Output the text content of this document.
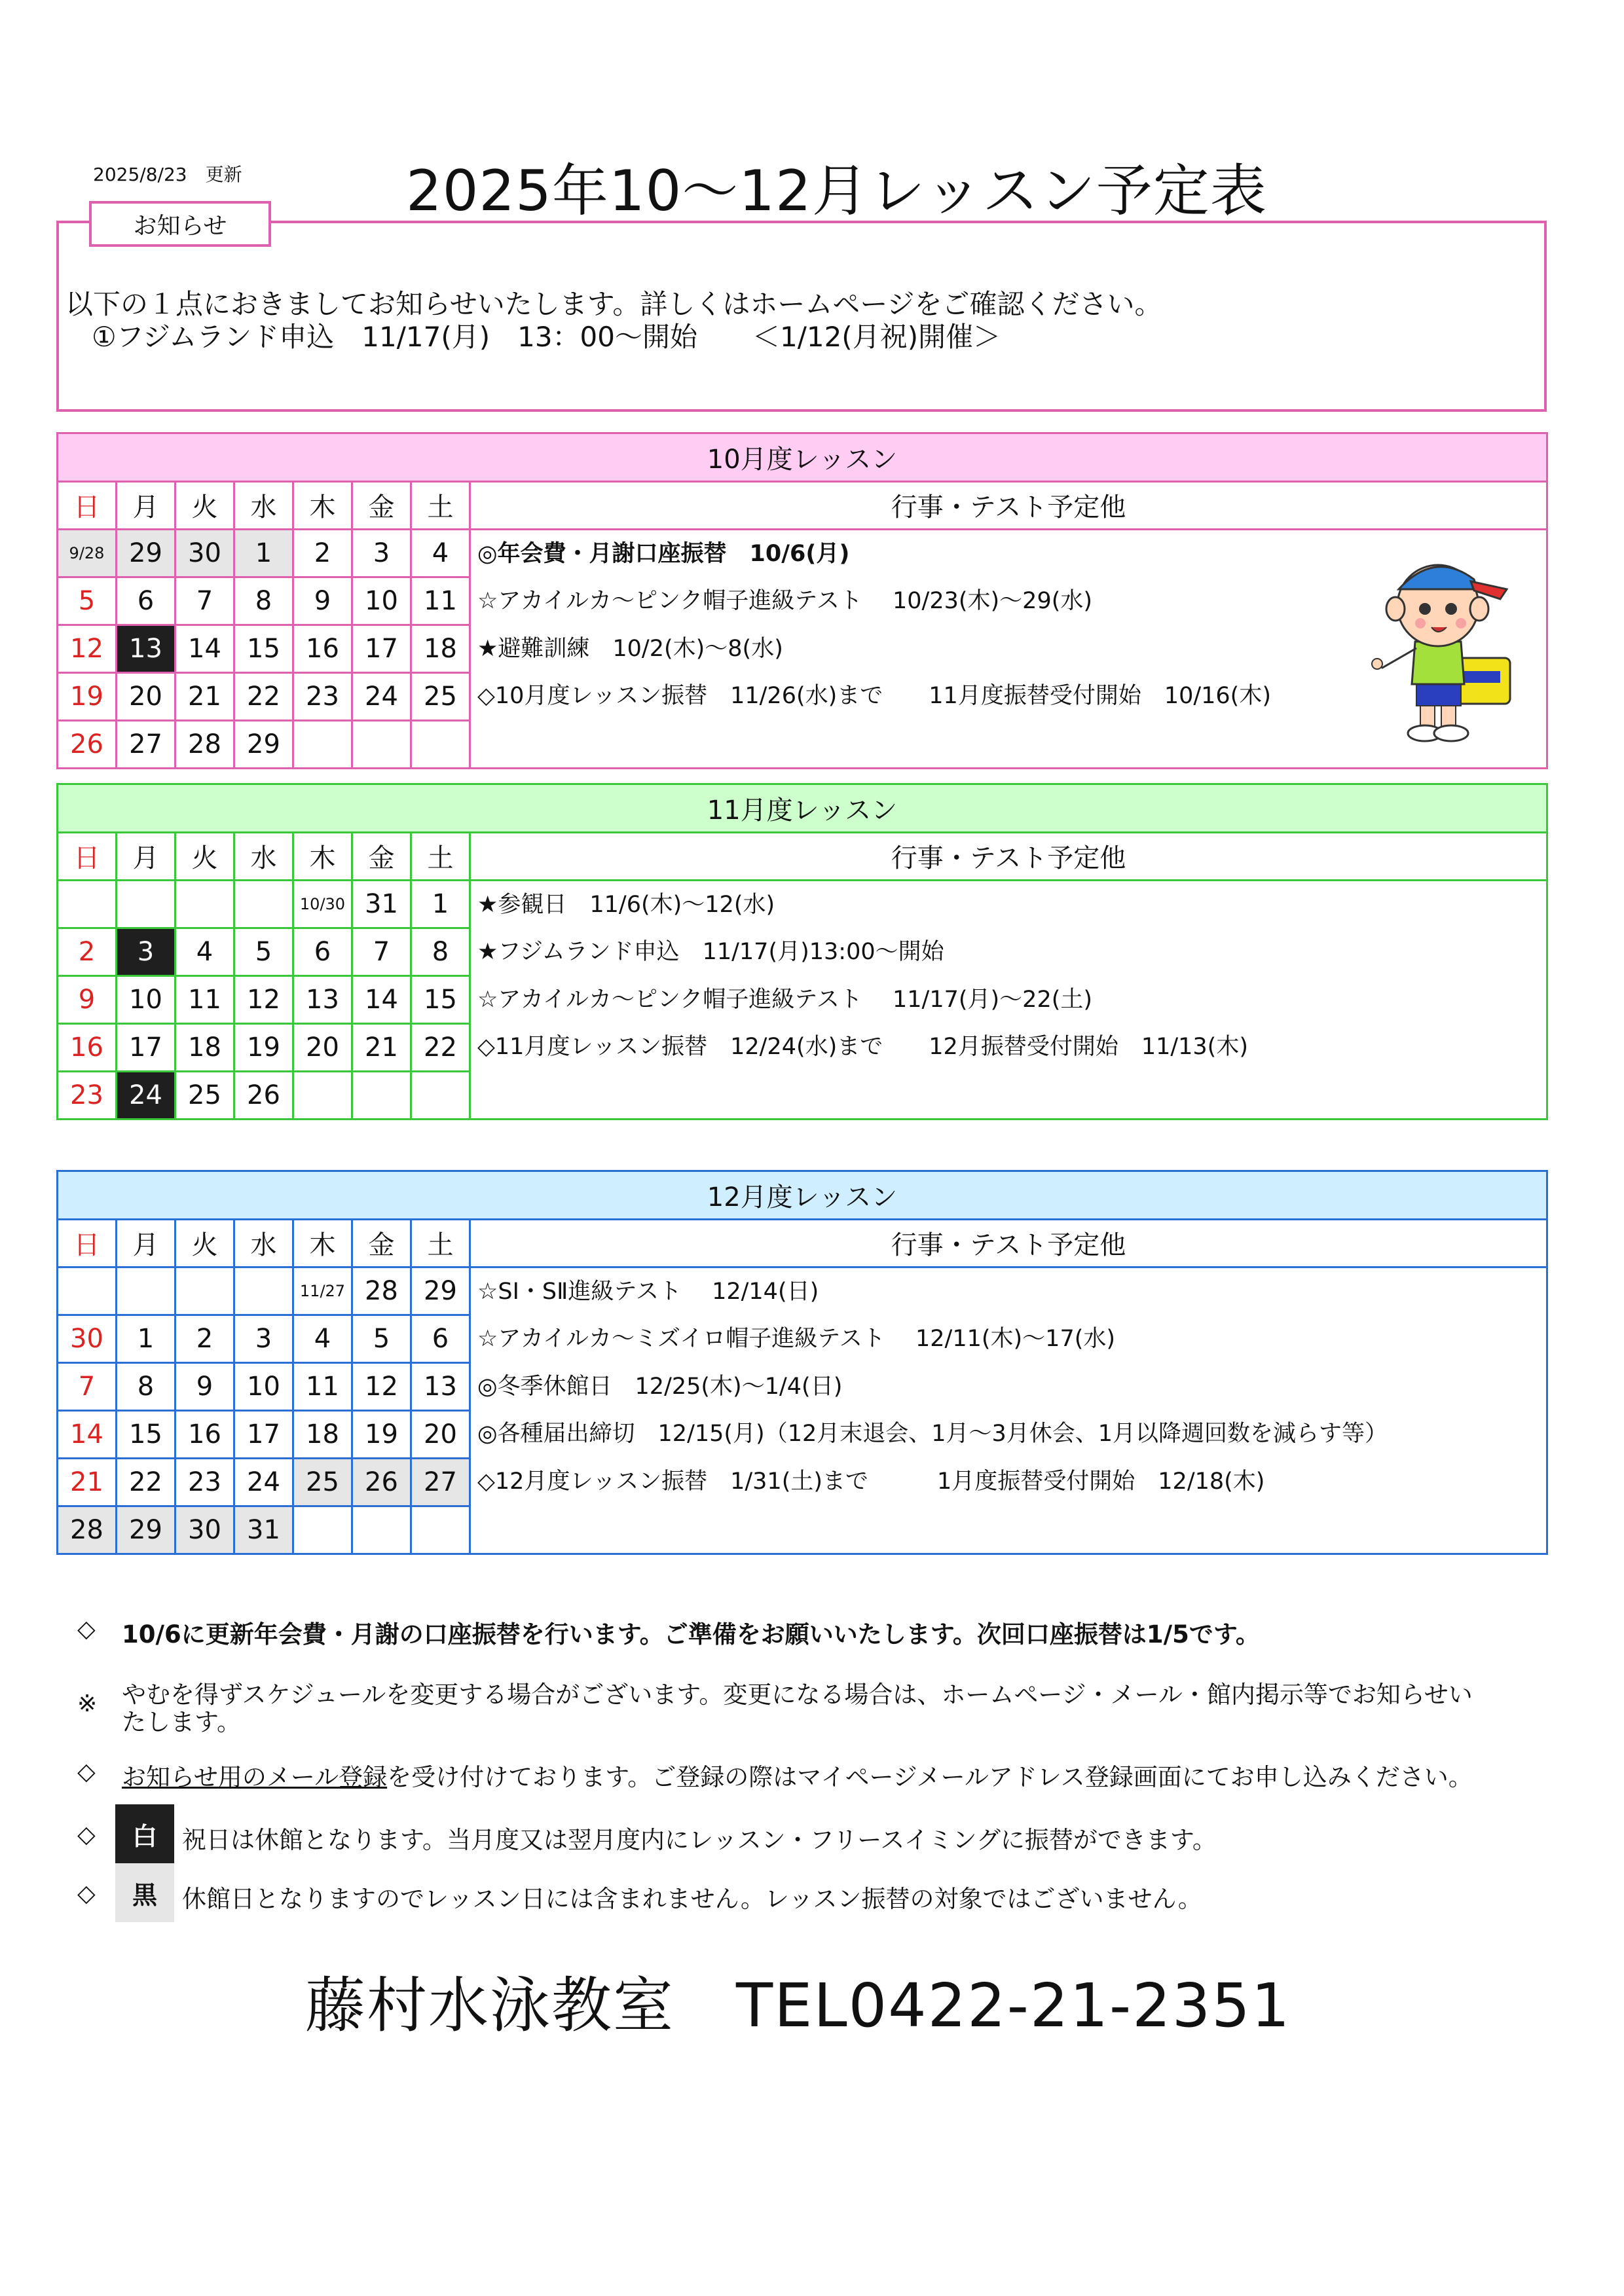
2025/8/23　更新	2025年10〜12月レッスン予定表
お知らせ
以下の１点におきましてお知らせいたします。詳しくはホームページをご確認ください。
①フジムランド申込　11/17(月)　13：00〜開始　　＜1/12(月祝)開催＞
10月度レッスン							
日	月	火	水	木	金	土	行事・テスト予定他
9/28	29	30	1	2	3	4	◎年会費・月謝口座振替　10/6(月)
☆アカイルカ〜ピンク帽子進級テスト　 10/23(木)〜29(水)
★避難訓練　10/2(木)〜8(水)
◇10月度レッスン振替　11/26(水)まで　　11月度振替受付開始　10/16(木)

5	6	7	8	9	10	11	
12	13	14	15	16	17	18	
19	20	21	22	23	24	25	
26	27	28	29				
11月度レッスン							
日	月	火	水	木	金	土	行事・テスト予定他
				10/30	31	1	★参観日　11/6(木)〜12(水)
★フジムランド申込　11/17(月)13:00〜開始
☆アカイルカ〜ピンク帽子進級テスト　 11/17(月)〜22(土)
◇11月度レッスン振替　12/24(水)まで　　12月振替受付開始　11/13(木)

2	3	4	5	6	7	8	
9	10	11	12	13	14	15	
16	17	18	19	20	21	22	
23	24	25	26				
12月度レッスン							
日	月	火	水	木	金	土	行事・テスト予定他
				11/27	28	29	☆SⅠ・SⅡ進級テスト　 12/14(日)
☆アカイルカ〜ミズイロ帽子進級テスト　 12/11(木)〜17(水)
◎冬季休館日　12/25(木)〜1/4(日)
◎各種届出締切　12/15(月)（12月末退会、1月〜3月休会、1月以降週回数を減らす等）
◇12月度レッスン振替　1/31(土)まで　　　1月度振替受付開始　12/18(木)

30	1	2	3	4	5	6	
7	8	9	10	11	12	13	
14	15	16	17	18	19	20	
21	22	23	24	25	26	27	
28	29	30	31				
◇ 10/6に更新年会費・月謝の口座振替を行います。ご準備をお願いいたします。次回口座振替は1/5です。
※ やむを得ずスケジュールを変更する場合がございます。変更になる場合は、ホームページ・メール・館内掲示等でお知らせい
たします。
◇ お知らせ用のメール登録を受け付けております。ご登録の際はマイページメールアドレス登録画面にてお申し込みください。
◇	白	祝日は休館となります。当月度又は翌月度内にレッスン・フリースイミングに振替ができます。
◇	黒	休館日となりますのでレッスン日には含まれません。レッスン振替の対象ではございません。
藤村水泳教室　TEL0422-21-2351
